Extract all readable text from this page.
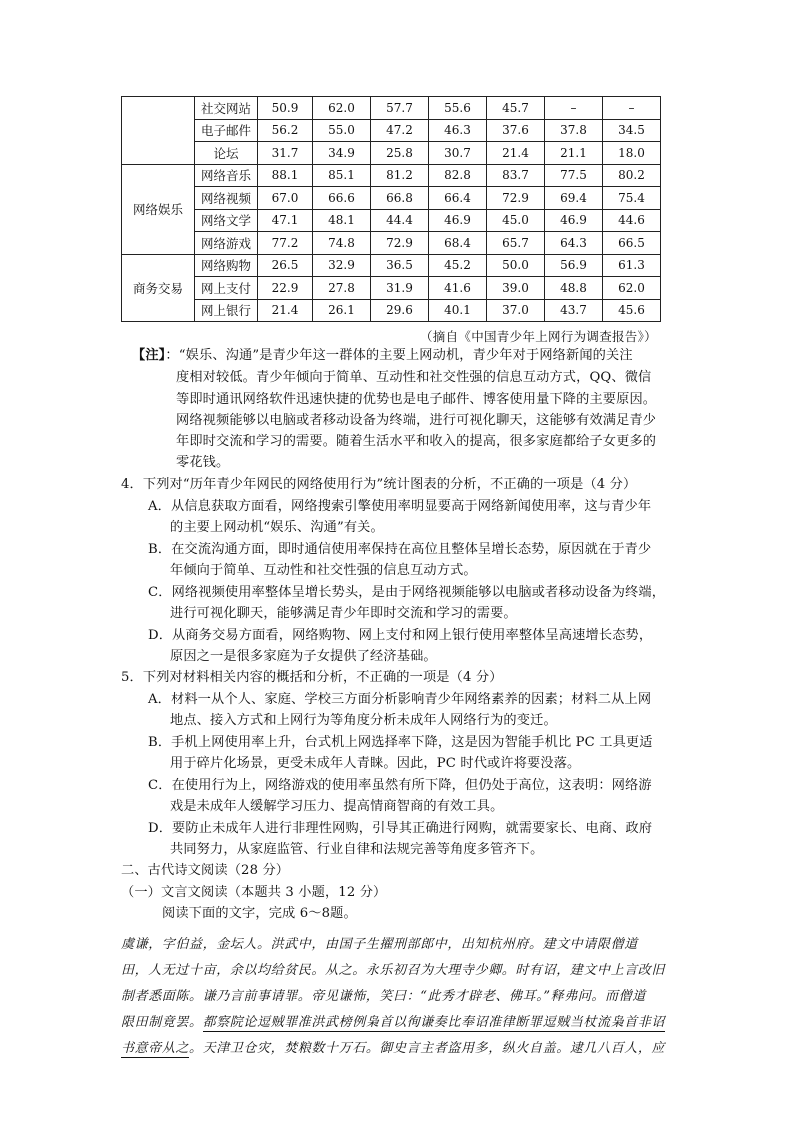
	社交网站	50.9	62.0	57.7	55.6	45.7	–	–
	电子邮件	56.2	55.0	47.2	46.3	37.6	37.8	34.5
	论坛	31.7	34.9	25.8	30.7	21.4	21.1	18.0
网络娱乐	网络音乐	88.1	85.1	81.2	82.8	83.7	77.5	80.2
	网络视频	67.0	66.6	66.8	66.4	72.9	69.4	75.4
	网络文学	47.1	48.1	44.4	46.9	45.0	46.9	44.6
	网络游戏	77.2	74.8	72.9	68.4	65.7	64.3	66.5
商务交易	网络购物	26.5	32.9	36.5	45.2	50.0	56.9	61.3
	网上支付	22.9	27.8	31.9	41.6	39.0	48.8	62.0
	网上银行	21.4	26.1	29.6	40.1	37.0	43.7	45.6
（摘自《中国青少年上网行为调查报告》）
【注】：“娱乐、沟通”是青少年这一群体的主要上网动机，青少年对于网络新闻的关注
度相对较低。青少年倾向于简单、互动性和社交性强的信息互动方式，QQ、微信
等即时通讯网络软件迅速快捷的优势也是电子邮件、博客使用量下降的主要原因。
网络视频能够以电脑或者移动设备为终端，进行可视化聊天，这能够有效满足青少
年即时交流和学习的需要。随着生活水平和收入的提高，很多家庭都给子女更多的
零花钱。
4．下列对“历年青少年网民的网络使用行为”统计图表的分析，不正确的一项是（4 分）
A．从信息获取方面看，网络搜索引擎使用率明显要高于网络新闻使用率，这与青少年
的主要上网动机“娱乐、沟通”有关。
B．在交流沟通方面，即时通信使用率保持在高位且整体呈增长态势，原因就在于青少
年倾向于简单、互动性和社交性强的信息互动方式。
C．网络视频使用率整体呈增长势头，是由于网络视频能够以电脑或者移动设备为终端，
进行可视化聊天，能够满足青少年即时交流和学习的需要。
D．从商务交易方面看，网络购物、网上支付和网上银行使用率整体呈高速增长态势，
原因之一是很多家庭为子女提供了经济基础。
5．下列对材料相关内容的概括和分析，不正确的一项是（4 分）
A．材料一从个人、家庭、学校三方面分析影响青少年网络素养的因素；材料二从上网
地点、接入方式和上网行为等角度分析未成年人网络行为的变迁。
B．手机上网使用率上升，台式机上网选择率下降，这是因为智能手机比 PC 工具更适
用于碎片化场景，更受未成年人青睐。因此，PC 时代或许将要没落。
C．在使用行为上，网络游戏的使用率虽然有所下降，但仍处于高位，这表明：网络游
戏是未成年人缓解学习压力、提高情商智商的有效工具。
D．要防止未成年人进行非理性网购，引导其正确进行网购，就需要家长、电商、政府
共同努力，从家庭监管、行业自律和法规完善等角度多管齐下。
二、古代诗文阅读（28 分）
（一）文言文阅读（本题共 3 小题，12 分）
阅读下面的文字，完成 6～8题。
虞谦，字伯益，金坛人。洪武中，由国子生擢刑部郎中，出知杭州府。建文中请限僧道
田，人无过十亩，余以均给贫民。从之。永乐初召为大理寺少卿。时有诏，建文中上言改旧
制者悉面陈。谦乃言前事请罪。帝见谦怖，笑曰：“此秀才辟老、佛耳。”释弗问。而僧道
限田制竟罢。都察院论逗贼罪准洪武榜例枭首以徇谦奏比奉诏准律断罪逗贼当杖流枭首非诏
书意帝从之。天津卫仓灾，焚粮数十万石。御史言主者盗用多，纵火自盖。逮几八百人，应
